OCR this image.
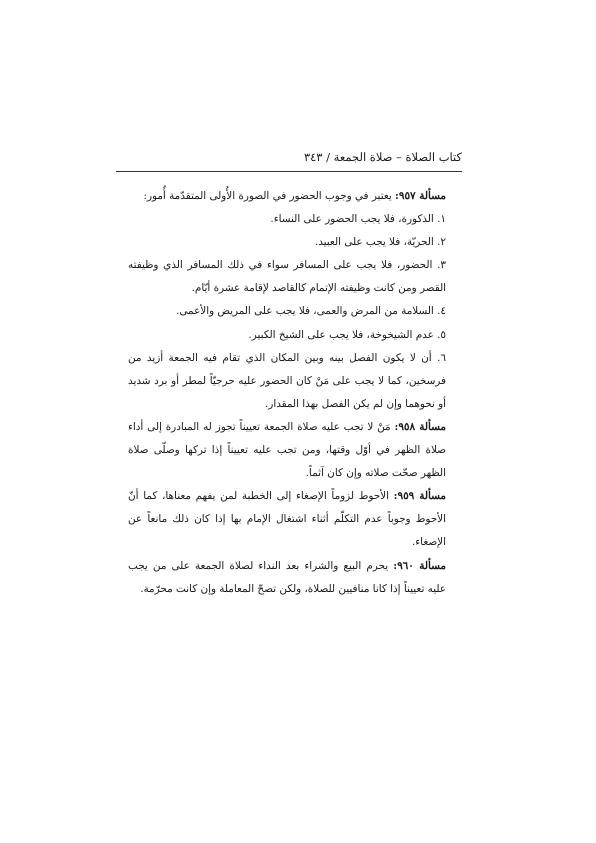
كتاب الصلاة – صلاة الجمعة / ٣٤٣

مسألة ٩٥٧: يعتبر في وجوب الحضور في الصورة الأُولى المتقدّمة أُمور:

١. الذكورة، فلا يجب الحضور على النساء.

٢. الحريّة، فلا يجب على العبيد.

٣. الحضور، فلا يجب على المسافر سواء في ذلك المسافر الذي وظيفته القصر ومن كانت وظيفته الإتمام كالقاصد لإقامة عشرة أيّام.

٤. السلامة من المرض والعمى، فلا يجب على المريض والأعمى.

٥. عدم الشيخوخة، فلا يجب على الشيخ الكبير.

٦. أن لا يكون الفصل بينه وبين المكان الذي تقام فيه الجمعة أزيد من فرسخين، كما لا يجب على مَنْ كان الحضور عليه حرجيّاً لمطر أو برد شديد أو نحوهما وإن لم يكن الفصل بهذا المقدار.

مسألة ٩٥٨: مَنْ لا تجب عليه صلاة الجمعة تعييناً تجوز له المبادرة إلى أداء صلاة الظهر في أوّل وقتها، ومن تجب عليه تعييناً إذا تركها وصلّى صلاة الظهر صحّت صلاته وإن كان آثماً.

مسألة ٩٥٩: الأحوط لزوماً الإصغاء إلى الخطبة لمن يفهم معناها، كما أنّ الأحوط وجوباً عدم التكلّم أثناء اشتغال الإمام بها إذا كان ذلك مانعاً عن الإصغاء.

مسألة ٩٦٠: يحرم البيع والشراء بعد النداء لصلاة الجمعة على من يجب عليه تعييناً إذا كانا منافيين للصلاة، ولكن تصحّ المعاملة وإن كانت محرّمة.
